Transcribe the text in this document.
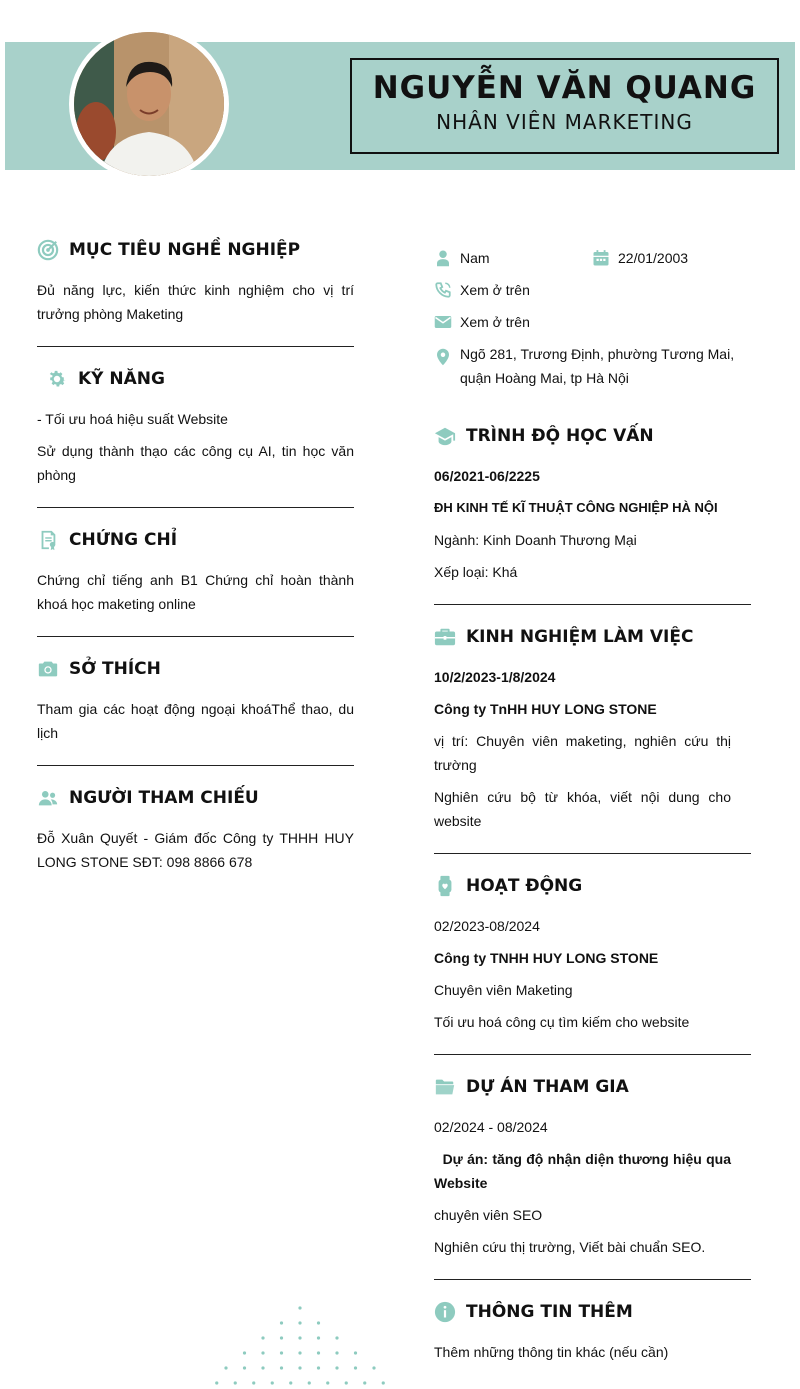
NGUYỄN VĂN QUANG
NHÂN VIÊN MARKETING
MỤC TIÊU NGHỀ NGHIỆP

Đủ năng lực, kiến thức kinh nghiệm cho vị trí trưởng phòng Maketing

KỸ NĂNG

- Tối ưu hoá hiệu suất Website

Sử dụng thành thạo các công cụ AI, tin học văn phòng

CHỨNG CHỈ

Chứng chỉ tiếng anh B1 Chứng chỉ hoàn thành khoá học maketing online

SỞ THÍCH

Tham gia các hoạt động ngoại khoáThể thao, du lịch

NGƯỜI THAM CHIẾU

Đỗ Xuân Quyết - Giám đốc Công ty THHH HUY LONG STONE SĐT: 098 8866 678

Nam	22/01/2003
Xem ở trên
Xem ở trên
Ngõ 281, Trương Định, phường Tương Mai, quận Hoàng Mai, tp Hà Nội
TRÌNH ĐỘ HỌC VẤN

06/2021-06/2225

ĐH KINH TẾ KĨ THUẬT CÔNG NGHIỆP HÀ NỘI

Ngành: Kinh Doanh Thương Mại

Xếp loại: Khá

KINH NGHIỆM LÀM VIỆC

10/2/2023-1/8/2024

Công ty TnHH HUY LONG STONE

vị trí: Chuyên viên maketing, nghiên cứu thị trường

Nghiên cứu bộ từ khóa, viết nội dung cho website

HOẠT ĐỘNG

02/2023-08/2024

Công ty TNHH HUY LONG STONE

Chuyên viên Maketing

Tối ưu hoá công cụ tìm kiếm cho website

DỰ ÁN THAM GIA

02/2024 - 08/2024

Dự án: tăng độ nhận diện thương hiệu qua Website

chuyên viên SEO

Nghiên cứu thị trường, Viết bài chuẩn SEO.

THÔNG TIN THÊM

Thêm những thông tin khác (nếu cần)
